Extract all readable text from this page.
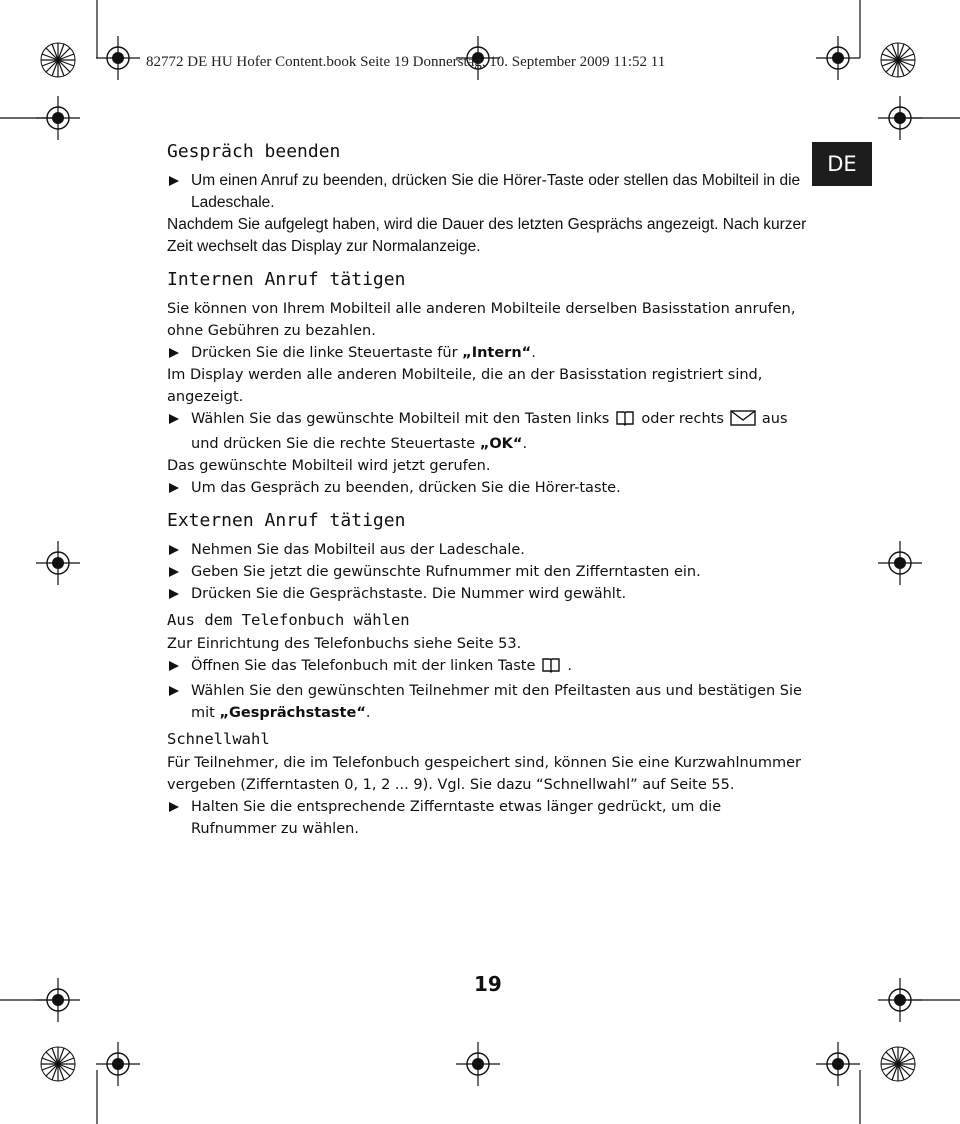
82772 DE HU Hofer Content.book Seite 19 Donnerstag, 10. September 2009 11:52 11
DE
Gespräch beenden

Um einen Anruf zu beenden, drücken Sie die Hörer-Taste oder stellen das Mobilteil in die Ladeschale.

Nachdem Sie aufgelegt haben, wird die Dauer des letzten Gesprächs angezeigt. Nach kurzer Zeit wechselt das Display zur Normalanzeige.

Internen Anruf tätigen

Sie können von Ihrem Mobilteil alle anderen Mobilteile derselben Basisstation anrufen, ohne Gebühren zu bezahlen.

Drücken Sie die linke Steuertaste für „Intern“.

Im Display werden alle anderen Mobilteile, die an der Basisstation registriert sind, angezeigt.

Wählen Sie das gewünschte Mobilteil mit den Tasten links oder rechts	aus und drücken Sie die rechte Steuertaste „OK“.

Das gewünschte Mobilteil wird jetzt gerufen.

Um das Gespräch zu beenden, drücken Sie die Hörer-taste.

Externen Anruf tätigen

Nehmen Sie das Mobilteil aus der Ladeschale.

Geben Sie jetzt die gewünschte Rufnummer mit den Zifferntasten ein.

Drücken Sie die Gesprächstaste. Die Nummer wird gewählt.

Aus dem Telefonbuch wählen

Zur Einrichtung des Telefonbuchs siehe Seite 53.

Öffnen Sie das Telefonbuch mit der linken Taste .

Wählen Sie den gewünschten Teilnehmer mit den Pfeiltasten aus und bestätigen Sie mit „Gesprächstaste“.

Schnellwahl

Für Teilnehmer, die im Telefonbuch gespeichert sind, können Sie eine Kurzwahlnummer vergeben (Zifferntasten 0, 1, 2 ... 9). Vgl. Sie dazu “Schnellwahl” auf Seite 55.

Halten Sie die entsprechende Zifferntaste etwas länger gedrückt, um die Rufnummer zu wählen.

19
